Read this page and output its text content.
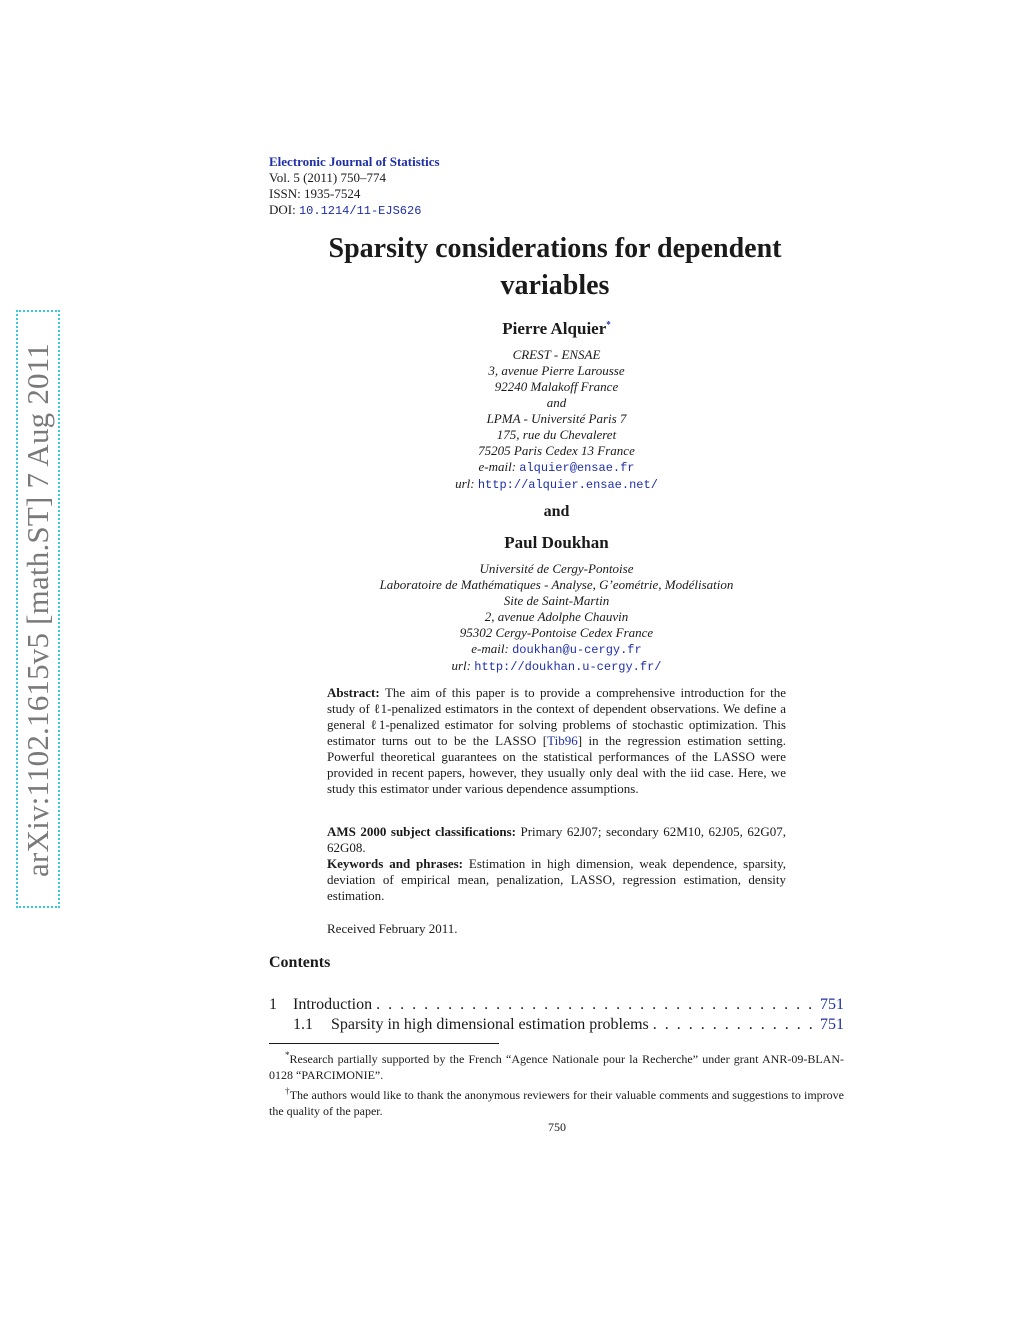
arXiv:1102.1615v5 [math.ST] 7 Aug 2011
Electronic Journal of Statistics
Vol. 5 (2011) 750–774
ISSN: 1935-7524
DOI: 10.1214/11-EJS626
Sparsity considerations for dependent
variables
Pierre Alquier*
CREST - ENSAE
3, avenue Pierre Larousse
92240 Malakoff France
and
LPMA - Université Paris 7
175, rue du Chevaleret
75205 Paris Cedex 13 France
e-mail: alquier@ensae.fr
url: http://alquier.ensae.net/
and
Paul Doukhan
Université de Cergy-Pontoise
Laboratoire de Mathématiques - Analyse, G’eométrie, Modélisation
Site de Saint-Martin
2, avenue Adolphe Chauvin
95302 Cergy-Pontoise Cedex France
e-mail: doukhan@u-cergy.fr
url: http://doukhan.u-cergy.fr/
Abstract: The aim of this paper is to provide a comprehensive introduction for the study of ℓ1-penalized estimators in the context of dependent observations. We define a general ℓ1-penalized estimator for solving problems of stochastic optimization. This estimator turns out to be the LASSO [Tib96] in the regression estimation setting. Powerful theoretical guarantees on the statistical performances of the LASSO were provided in recent papers, however, they usually only deal with the iid case. Here, we study this estimator under various dependence assumptions.
AMS 2000 subject classifications: Primary 62J07; secondary 62M10, 62J05, 62G07, 62G08.
Keywords and phrases: Estimation in high dimension, weak dependence, sparsity, deviation of empirical mean, penalization, LASSO, regression estimation, density estimation.
Received February 2011.
Contents
1	Introduction . . .	751
1.1	Sparsity in high dimensional estimation problems . . .	751

*Research partially supported by the French “Agence Nationale pour la Recherche” under grant ANR-09-BLAN-0128 “PARCIMONIE”.

†The authors would like to thank the anonymous reviewers for their valuable comments and suggestions to improve the quality of the paper.

750
